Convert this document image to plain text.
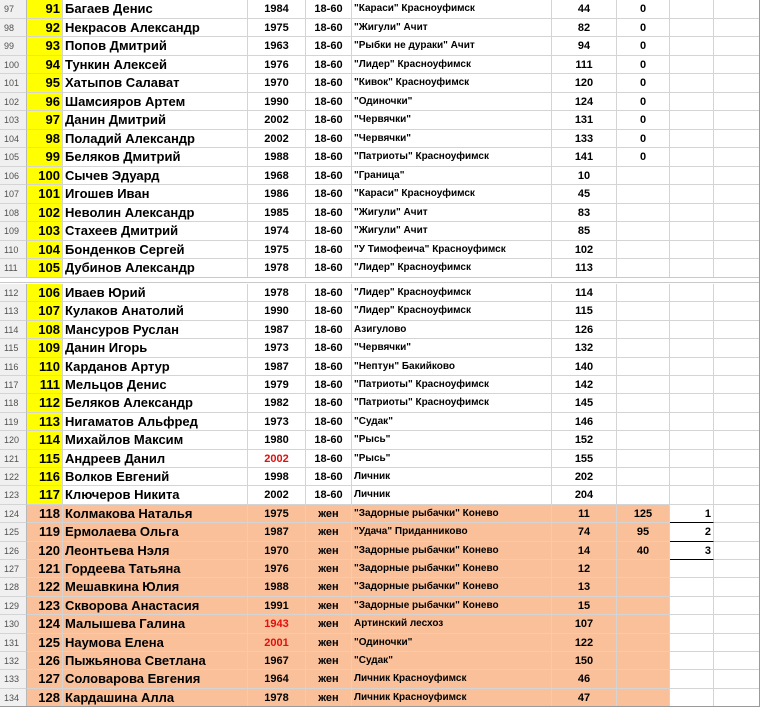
97	91 Багаев Денис	1984	18-60	"Караси" Красноуфимск	44	0
98	92 Некрасов Александр	1975	18-60	"Жигули" Ачит	82	0
99	93 Попов Дмитрий	1963	18-60	"Рыбки не дураки" Ачит	94	0
100	94 Тункин Алексей	1976	18-60	"Лидер" Красноуфимск	111	0
101	95 Хатыпов Салават	1970	18-60	"Кивок" Красноуфимск	120	0
102	96 Шамсияров Артем	1990	18-60	"Одиночки"	124	0
103	97 Данин Дмитрий	2002	18-60	"Червячки"	131	0
104	98 Поладий Александр	2002	18-60	"Червячки"	133	0
105	99 Беляков Дмитрий	1988	18-60	"Патриоты" Красноуфимск	141	0
106	100 Сычев Эдуард	1968	18-60	"Граница"	10
107	101 Игошев Иван	1986	18-60	"Караси" Красноуфимск	45
108	102 Неволин Александр	1985	18-60	"Жигули" Ачит	83
109	103 Стахеев Дмитрий	1974	18-60	"Жигули" Ачит	85
110	104 Бонденков Сергей	1975	18-60	"У Тимофеича" Красноуфимск	102
111	105 Дубинов Александр	1978	18-60	"Лидер" Красноуфимск	113
112	106 Иваев Юрий	1978	18-60	"Лидер" Красноуфимск	114
113	107 Кулаков Анатолий	1990	18-60	"Лидер" Красноуфимск	115
114	108 Мансуров Руслан	1987	18-60	Азигулово	126
115	109 Данин Игорь	1973	18-60	"Червячки"	132
116	110 Карданов Артур	1987	18-60	"Нептун" Бакийково	140
117	111 Мельцов Денис	1979	18-60	"Патриоты" Красноуфимск	142
118	112 Беляков Александр	1982	18-60	"Патриоты" Красноуфимск	145
119	113 Нигаматов Альфред	1973	18-60	"Судак"	146
120	114 Михайлов Максим	1980	18-60	"Рысь"	152
121	115 Андреев Данил	2002	18-60	"Рысь"	155
122	116 Волков Евгений	1998	18-60	Личник	202
123	117 Ключеров Никита	2002	18-60	Личник	204
124	118 Колмакова Наталья	1975	жен	"Задорные рыбачки" Конево	11	125	1
125	119 Ермолаева Ольга	1987	жен	"Удача" Приданниково	74	95	2
126	120 Леонтьева Нэля	1970	жен	"Задорные рыбачки" Конево	14	40	3
127	121 Гордеева Татьяна	1976	жен	"Задорные рыбачки" Конево	12
128	122 Мешавкина Юлия	1988	жен	"Задорные рыбачки" Конево	13
129	123 Скворова Анастасия	1991	жен	"Задорные рыбачки" Конево	15
130	124 Малышева Галина	1943	жен	Артинский лесхоз	107
131	125 Наумова Елена	2001	жен	"Одиночки"	122
132	126 Пыжьянова Светлана	1967	жен	"Судак"	150
133	127 Соловарова Евгения	1964	жен	Личник Красноуфимск	46
134	128 Кардашина Алла	1978	жен	Личник Красноуфимск	47
